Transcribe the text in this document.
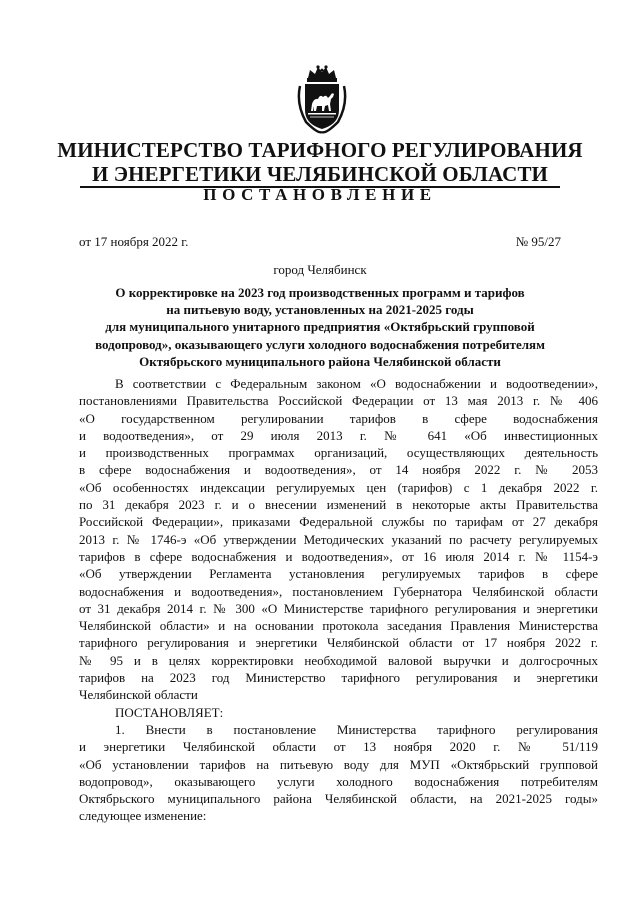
МИНИСТЕРСТВО ТАРИФНОГО РЕГУЛИРОВАНИЯ
И ЭНЕРГЕТИКИ ЧЕЛЯБИНСКОЙ ОБЛАСТИ
ПОСТАНОВЛЕНИЕ
от 17 ноября 2022 г.	№ 95/27
город Челябинск
О корректировке на 2023 год производственных программ и тарифов
на питьевую воду, установленных на 2021-2025 годы
для муниципального унитарного предприятия «Октябрьский групповой
водопровод», оказывающего услуги холодного водоснабжения потребителям
Октябрьского муниципального района Челябинской области
В соответствии с Федеральным законом «О водоснабжении и водоотведении»,
постановлениями Правительства Российской Федерации от 13 мая 2013 г. № 406
«О государственном регулировании тарифов в сфере водоснабжения
и водоотведения», от 29 июля 2013 г. № 641 «Об инвестиционных
и производственных программах организаций, осуществляющих деятельность
в сфере водоснабжения и водоотведения», от 14 ноября 2022 г. № 2053
«Об особенностях индексации регулируемых цен (тарифов) с 1 декабря 2022 г.
по 31 декабря 2023 г. и о внесении изменений в некоторые акты Правительства
Российской Федерации», приказами Федеральной службы по тарифам от 27 декабря
2013 г. № 1746-э «Об утверждении Методических указаний по расчету регулируемых
тарифов в сфере водоснабжения и водоотведения», от 16 июля 2014 г. № 1154-э
«Об утверждении Регламента установления регулируемых тарифов в сфере
водоснабжения и водоотведения», постановлением Губернатора Челябинской области
от 31 декабря 2014 г. № 300 «О Министерстве тарифного регулирования и энергетики
Челябинской области» и на основании протокола заседания Правления Министерства
тарифного регулирования и энергетики Челябинской области от 17 ноября 2022 г.
№ 95 и в целях корректировки необходимой валовой выручки и долгосрочных
тарифов на 2023 год Министерство тарифного регулирования и энергетики
Челябинской области
ПОСТАНОВЛЯЕТ:
1. Внести в постановление Министерства тарифного регулирования
и энергетики Челябинской области от 13 ноября 2020 г. № 51/119
«Об установлении тарифов на питьевую воду для МУП «Октябрьский групповой
водопровод», оказывающего услуги холодного водоснабжения потребителям
Октябрьского муниципального района Челябинской области, на 2021-2025 годы»
следующее изменение:
